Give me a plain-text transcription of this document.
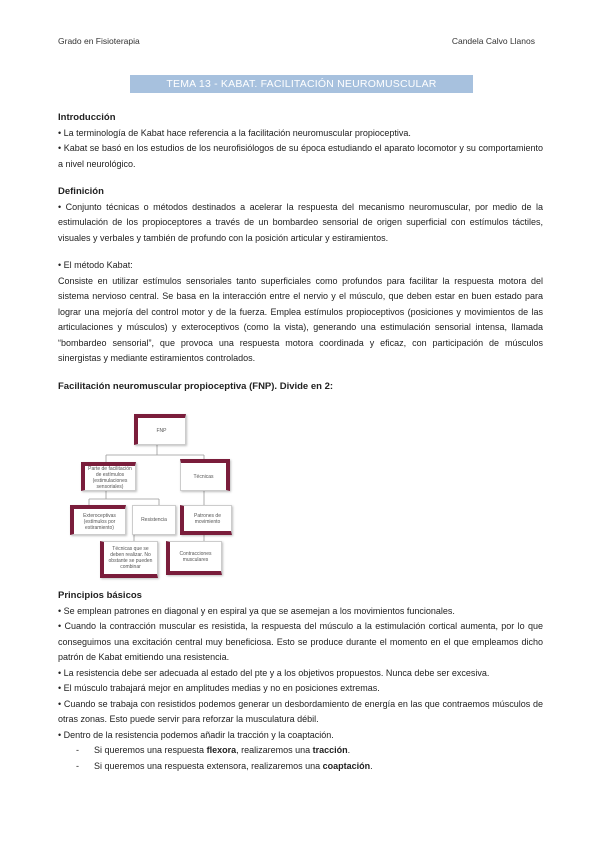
Grado en Fisioterapia	Candela Calvo Llanos
TEMA 13 - KABAT. FACILITACIÓN NEUROMUSCULAR PROPIOCEPTIVA
Introducción

• La terminología de Kabat hace referencia a la facilitación neuromuscular propioceptiva.

• Kabat se basó en los estudios de los neurofisiólogos de su época estudiando el aparato locomotor y su comportamiento a nivel neurológico.

Definición

• Conjunto técnicas o métodos destinados a acelerar la respuesta del mecanismo neuromuscular, por medio de la estimulación de los propioceptores a través de un bombardeo sensorial de origen superficial con estímulos táctiles, visuales y verbales y también de profundo con la posición articular y estiramientos.

• El método Kabat:

Consiste en utilizar estímulos sensoriales tanto superficiales como profundos para facilitar la respuesta motora del sistema nervioso central. Se basa en la interacción entre el nervio y el músculo, que deben estar en buen estado para lograr una mejoría del control motor y de la fuerza. Emplea estímulos propioceptivos (posiciones y movimientos de las articulaciones y músculos) y exteroceptivos (como la vista), generando una estimulación sensorial intensa, llamada “bombardeo sensorial”, que provoca una respuesta motora coordinada y eficaz, con participación de músculos sinergistas y mediante estiramientos controlados.

Facilitación neuromuscular propioceptiva (FNP). Divide en 2:
FNP
Parte de facilitación de estímulos (estimulaciones sensoriales)
Técnicas
Exteroceptivas (estímulos por estiramiento)
Resistencia
Patrones de movimiento
Técnicas que se deben realizar. No obstante se pueden combinar
Contracciones musculares
Principios básicos

• Se emplean patrones en diagonal y en espiral ya que se asemejan a los movimientos funcionales.

• Cuando la contracción muscular es resistida, la respuesta del músculo a la estimulación cortical aumenta, por lo que conseguimos una excitación central muy beneficiosa. Esto se produce durante el momento en el que empleamos dicho patrón de Kabat emitiendo una resistencia.

• La resistencia debe ser adecuada al estado del pte y a los objetivos propuestos. Nunca debe ser excesiva.

• El músculo trabajará mejor en amplitudes medias y no en posiciones extremas.

• Cuando se trabaja con resistidos podemos generar un desbordamiento de energía en las que contraemos músculos de otras zonas. Esto puede servir para reforzar la musculatura débil.

• Dentro de la resistencia podemos añadir la tracción y la coaptación.

-	Si queremos una respuesta flexora, realizaremos una tracción.
-	Si queremos una respuesta extensora, realizaremos una coaptación.
